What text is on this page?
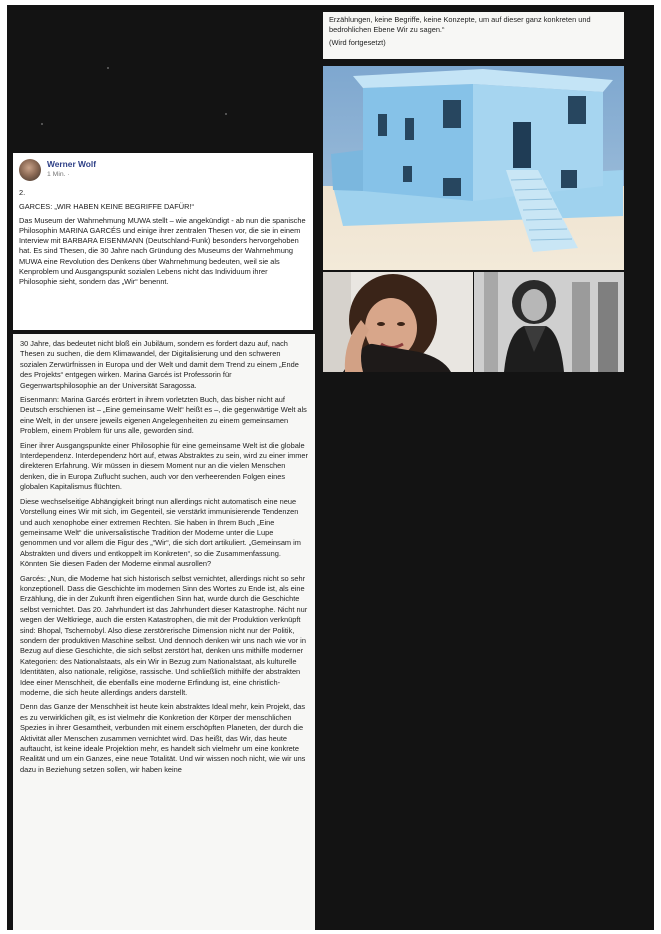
Erzählungen, keine Begriffe, keine Konzepte, um auf dieser ganz konkreten und bedrohlichen Ebene Wir zu sagen.“

(Wird fortgesetzt)

Werner Wolf
1 Min. ·

2.

GARCES: „WIR HABEN KEINE BEGRIFFE DAFÜR!“

Das Museum der Wahrnehmung MUWA stellt – wie angekündigt - ab nun die spanische Philosophin MARINA GARCÉS und einige ihrer zentralen Thesen vor, die sie in einem Interview mit BARBARA EISENMANN (Deutschland-Funk) besonders hervorgehoben hat. Es sind Thesen, die 30 Jahre nach Gründung des Museums der Wahrnehmung MUWA eine Revolution des Denkens über Wahrnehmung bedeuten, weil sie als Kenproblem und Ausgangspunkt sozialen Lebens nicht das Individuum ihrer Philosophie sieht, sondern das „Wir“ benennt.

30 Jahre, das bedeutet nicht bloß ein Jubiläum, sondern es fordert dazu auf, nach Thesen zu suchen, die dem Klimawandel, der Digitalisierung und den schweren sozialen Zerwürfnissen in Europa und der Welt und damit dem Trend zu einem „Ende des Projekts“ entgegen wirken. Marina Garcés ist Professorin für Gegenwartsphilosophie an der Universität Saragossa.

Eisenmann: Marina Garcés erörtert in ihrem vorletzten Buch, das bisher nicht auf Deutsch erschienen ist – „Eine gemeinsame Welt“ heißt es –, die gegenwärtige Welt als eine Welt, in der unsere jeweils eigenen Angelegenheiten zu einem gemeinsamen Problem, einem Problem für uns alle, geworden sind.

Einer ihrer Ausgangspunkte einer Philosophie für eine gemeinsame Welt ist die globale Interdependenz. Interdependenz hört auf, etwas Abstraktes zu sein, wird zu einer immer direkteren Erfahrung. Wir müssen in diesem Moment nur an die vielen Menschen denken, die in Europa Zuflucht suchen, auch vor den verheerenden Folgen eines globalen Kapitalismus flüchten.

Diese wechselseitige Abhängigkeit bringt nun allerdings nicht automatisch eine neue Vorstellung eines Wir mit sich, im Gegenteil, sie verstärkt immunisierende Tendenzen und auch xenophobe einer extremen Rechten. Sie haben in Ihrem Buch „Eine gemeinsame Welt“ die universalistische Tradition der Moderne unter die Lupe genommen und vor allem die Figur des „“Wir“, die sich dort artikuliert. „Gemeinsam im Abstrakten und divers und entkoppelt im Konkreten“, so die Zusammenfassung. Könnten Sie diesen Faden der Moderne einmal ausrollen?

Garcés: „Nun, die Moderne hat sich historisch selbst vernichtet, allerdings nicht so sehr konzeptionell. Dass die Geschichte im modernen Sinn des Wortes zu Ende ist, als eine Erzählung, die in der Zukunft ihren eigentlichen Sinn hat, wurde durch die Geschichte selbst vernichtet. Das 20. Jahrhundert ist das Jahrhundert dieser Katastrophe. Nicht nur wegen der Weltkriege, auch die ersten Katastrophen, die mit der Produktion verknüpft sind: Bhopal, Tschernobyl. Also diese zerstörerische Dimension nicht nur der Politik, sondern der produktiven Maschine selbst. Und dennoch denken wir uns nach wie vor in Bezug auf diese Geschichte, die sich selbst zerstört hat, denken uns mithilfe moderner Kategorien: des Nationalstaats, als ein Wir in Bezug zum Nationalstaat, als kulturelle Identitäten, also nationale, religiöse, rassische. Und schließlich mithilfe der abstrakten Idee einer Menschheit, die ebenfalls eine moderne Erfindung ist, eine christlich-moderne, die sich heute allerdings anders darstellt.

Denn das Ganze der Menschheit ist heute kein abstraktes Ideal mehr, kein Projekt, das es zu verwirklichen gilt, es ist vielmehr die Konkretion der Körper der menschlichen Spezies in ihrer Gesamtheit, verbunden mit einem erschöpften Planeten, der durch die Aktivität aller Menschen zusammen vernichtet wird. Das heißt, das Wir, das heute auftaucht, ist keine ideale Projektion mehr, es handelt sich vielmehr um eine konkrete Realität und um ein Ganzes, eine neue Totalität. Und wir wissen noch nicht, wie wir uns dazu in Beziehung setzen sollen, wir haben keine
